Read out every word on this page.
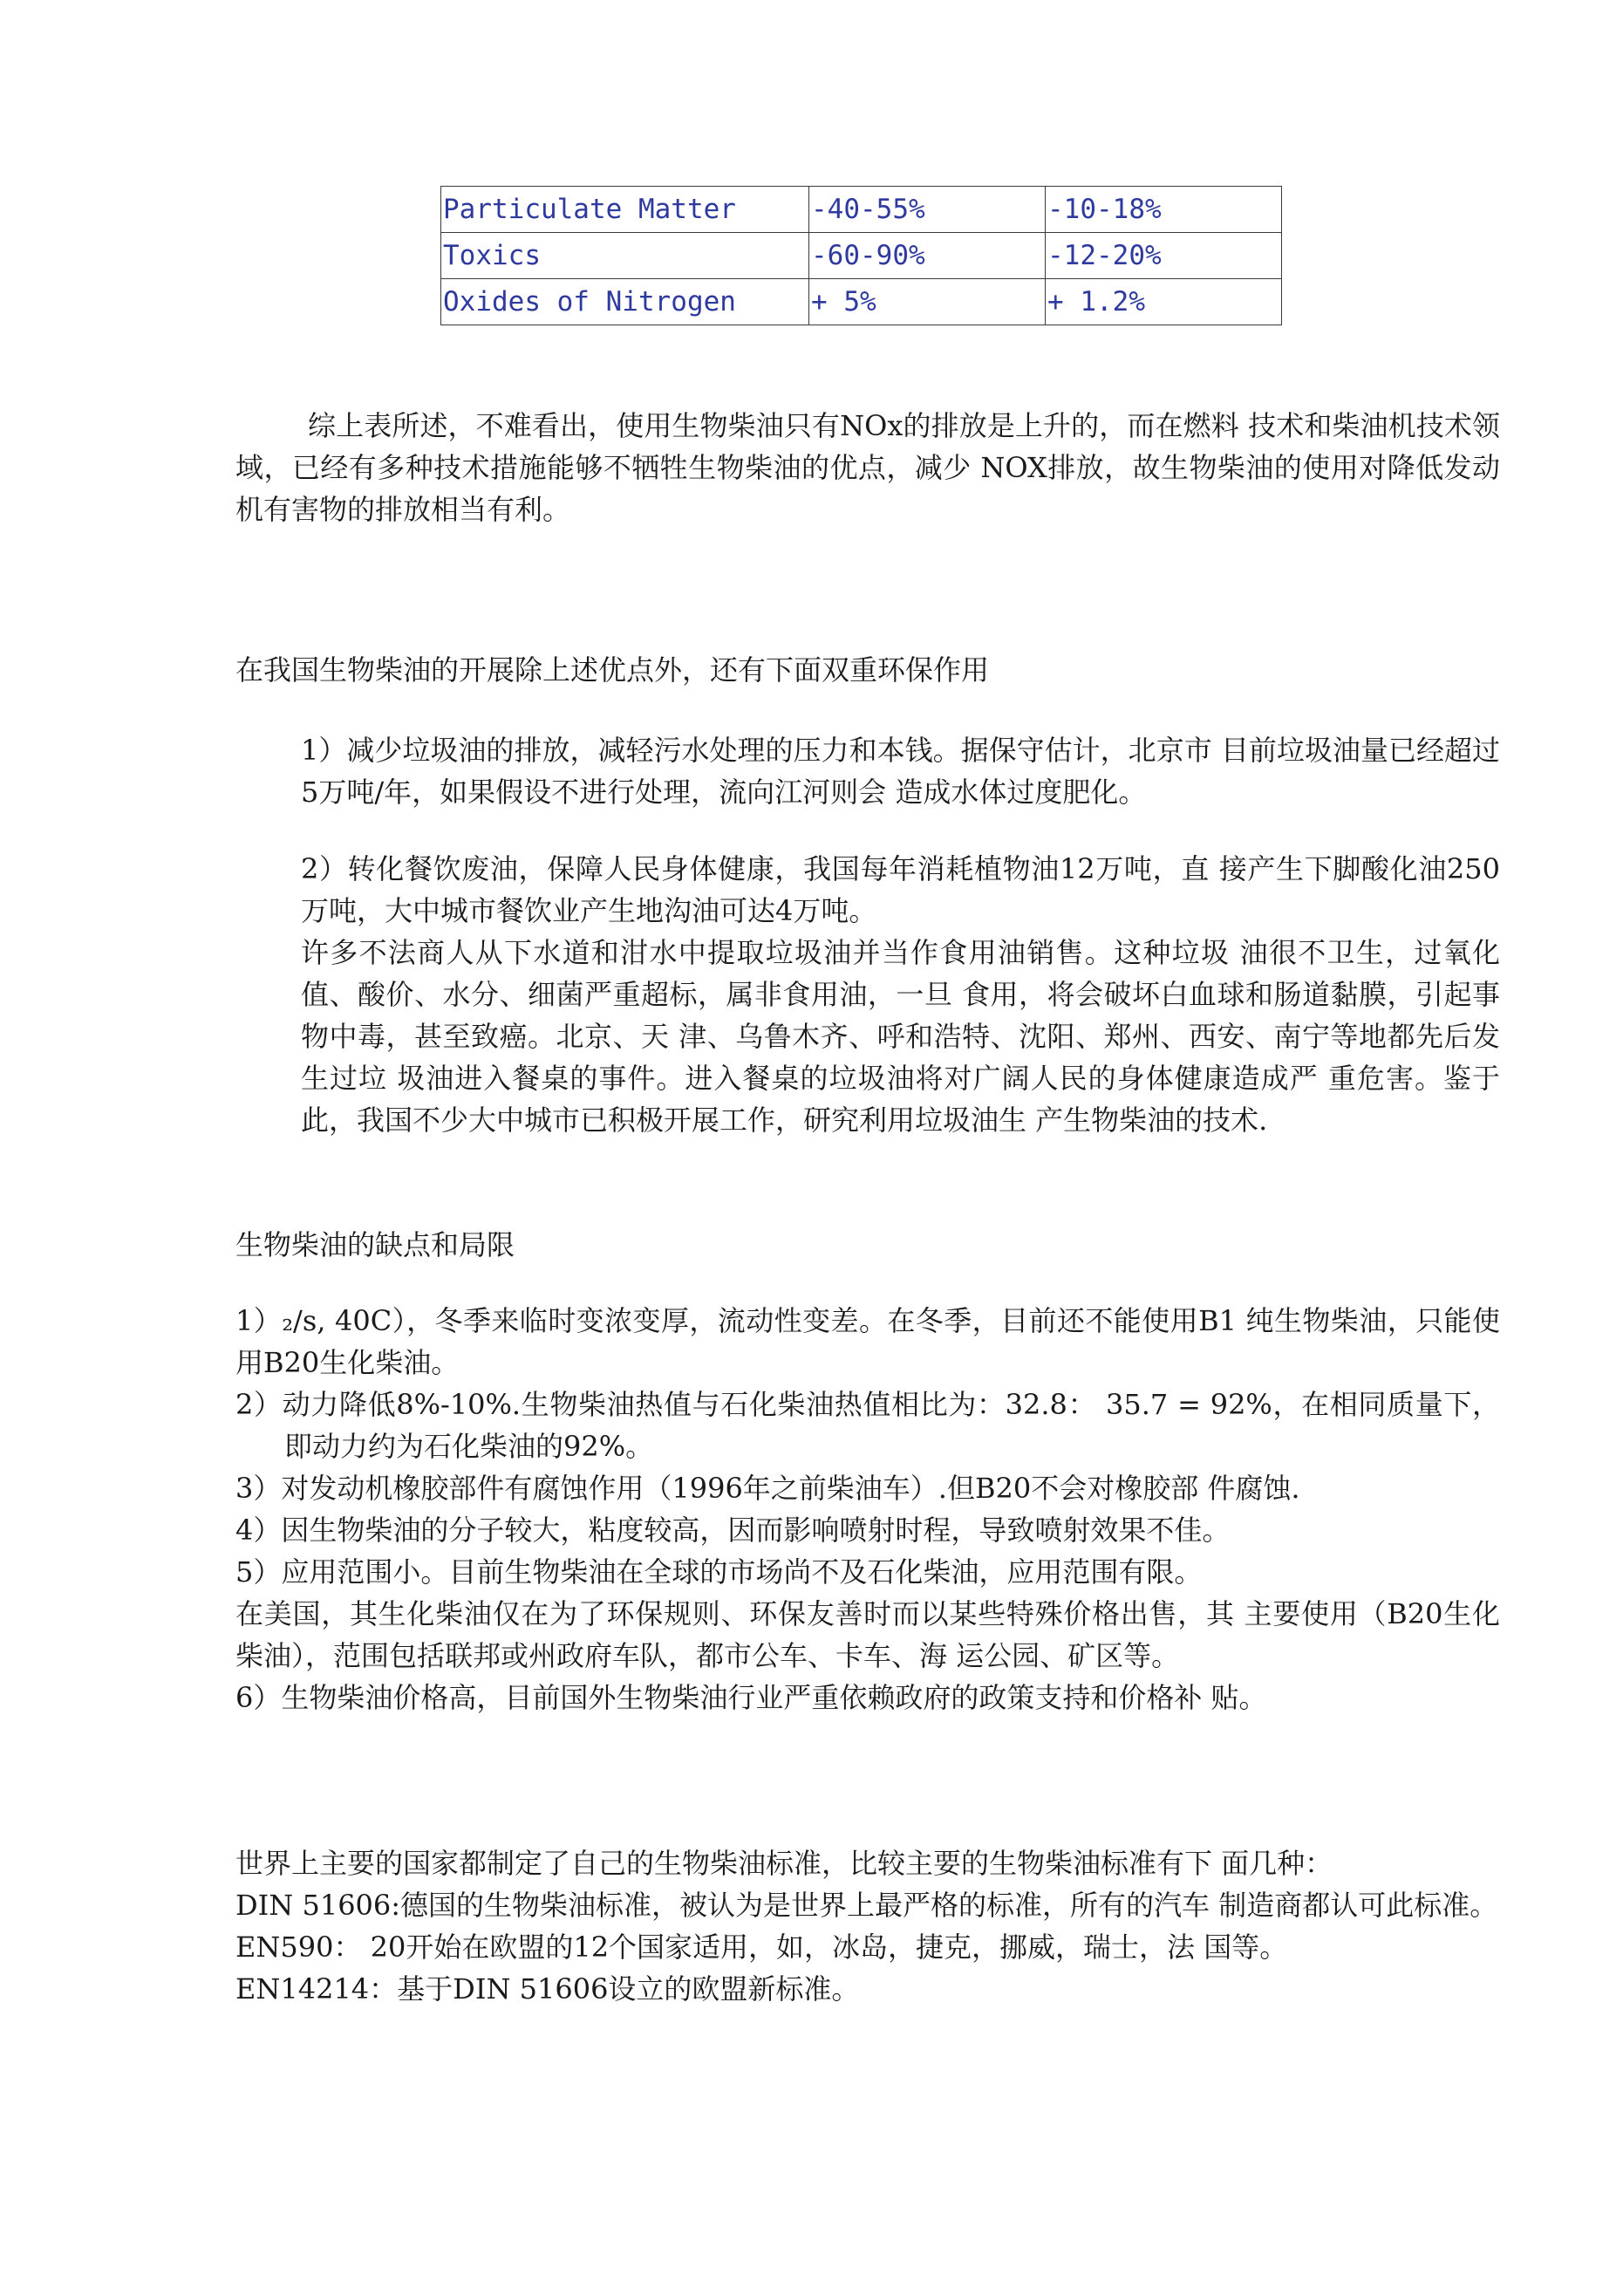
Particulate Matter	-40-55%	-10-18%
Toxics	-60-90%	-12-20%
Oxides of Nitrogen	+ 5%	+ 1.2%

综上表所述，不难看出，使用生物柴油只有NOx的排放是上升的，而在燃料 技术和柴油机技术领域，已经有多种技术措施能够不牺牲生物柴油的优点，减少 NOX排放，故生物柴油的使用对降低发动机有害物的排放相当有利。

在我国生物柴油的开展除上述优点外，还有下面双重环保作用

1）减少垃圾油的排放，减轻污水处理的压力和本钱。据保守估计，北京市 目前垃圾油量已经超过5万吨/年，如果假设不进行处理，流向江河则会 造成水体过度肥化。

2）转化餐饮废油，保障人民身体健康，我国每年消耗植物油12万吨，直 接产生下脚酸化油250万吨，大中城市餐饮业产生地沟油可达4万吨。

许多不法商人从下水道和泔水中提取垃圾油并当作食用油销售。这种垃圾 油很不卫生，过氧化值、酸价、水分、细菌严重超标，属非食用油，一旦 食用，将会破坏白血球和肠道黏膜，引起事物中毒，甚至致癌。北京、天 津、乌鲁木齐、呼和浩特、沈阳、郑州、西安、南宁等地都先后发生过垃 圾油进入餐桌的事件。进入餐桌的垃圾油将对广阔人民的身体健康造成严 重危害。鉴于此，我国不少大中城市已积极开展工作，研究利用垃圾油生 产生物柴油的技术.

生物柴油的缺点和局限

1）₂/s, 40C），冬季来临时变浓变厚，流动性变差。在冬季，目前还不能使用B1 纯生物柴油，只能使用B20生化柴油。

2）动力降低8%-10%.生物柴油热值与石化柴油热值相比为：32.8： 35.7 = 92%，在相同质量下，即动力约为石化柴油的92%。

3）对发动机橡胶部件有腐蚀作用（1996年之前柴油车）.但B20不会对橡胶部 件腐蚀.

4）因生物柴油的分子较大，粘度较高，因而影响喷射时程，导致喷射效果不佳。

5）应用范围小。目前生物柴油在全球的市场尚不及石化柴油，应用范围有限。

在美国，其生化柴油仅在为了环保规则、环保友善时而以某些特殊价格出售，其 主要使用（B20生化柴油），范围包括联邦或州政府车队，都市公车、卡车、海 运公园、矿区等。

6）生物柴油价格高，目前国外生物柴油行业严重依赖政府的政策支持和价格补 贴。

世界上主要的国家都制定了自己的生物柴油标准，比较主要的生物柴油标准有下 面几种：

DIN 51606:德国的生物柴油标准，被认为是世界上最严格的标准，所有的汽车 制造商都认可此标准。

EN590： 20开始在欧盟的12个国家适用，如，冰岛，捷克，挪威，瑞士，法 国等。

EN14214：基于DIN 51606设立的欧盟新标准。
